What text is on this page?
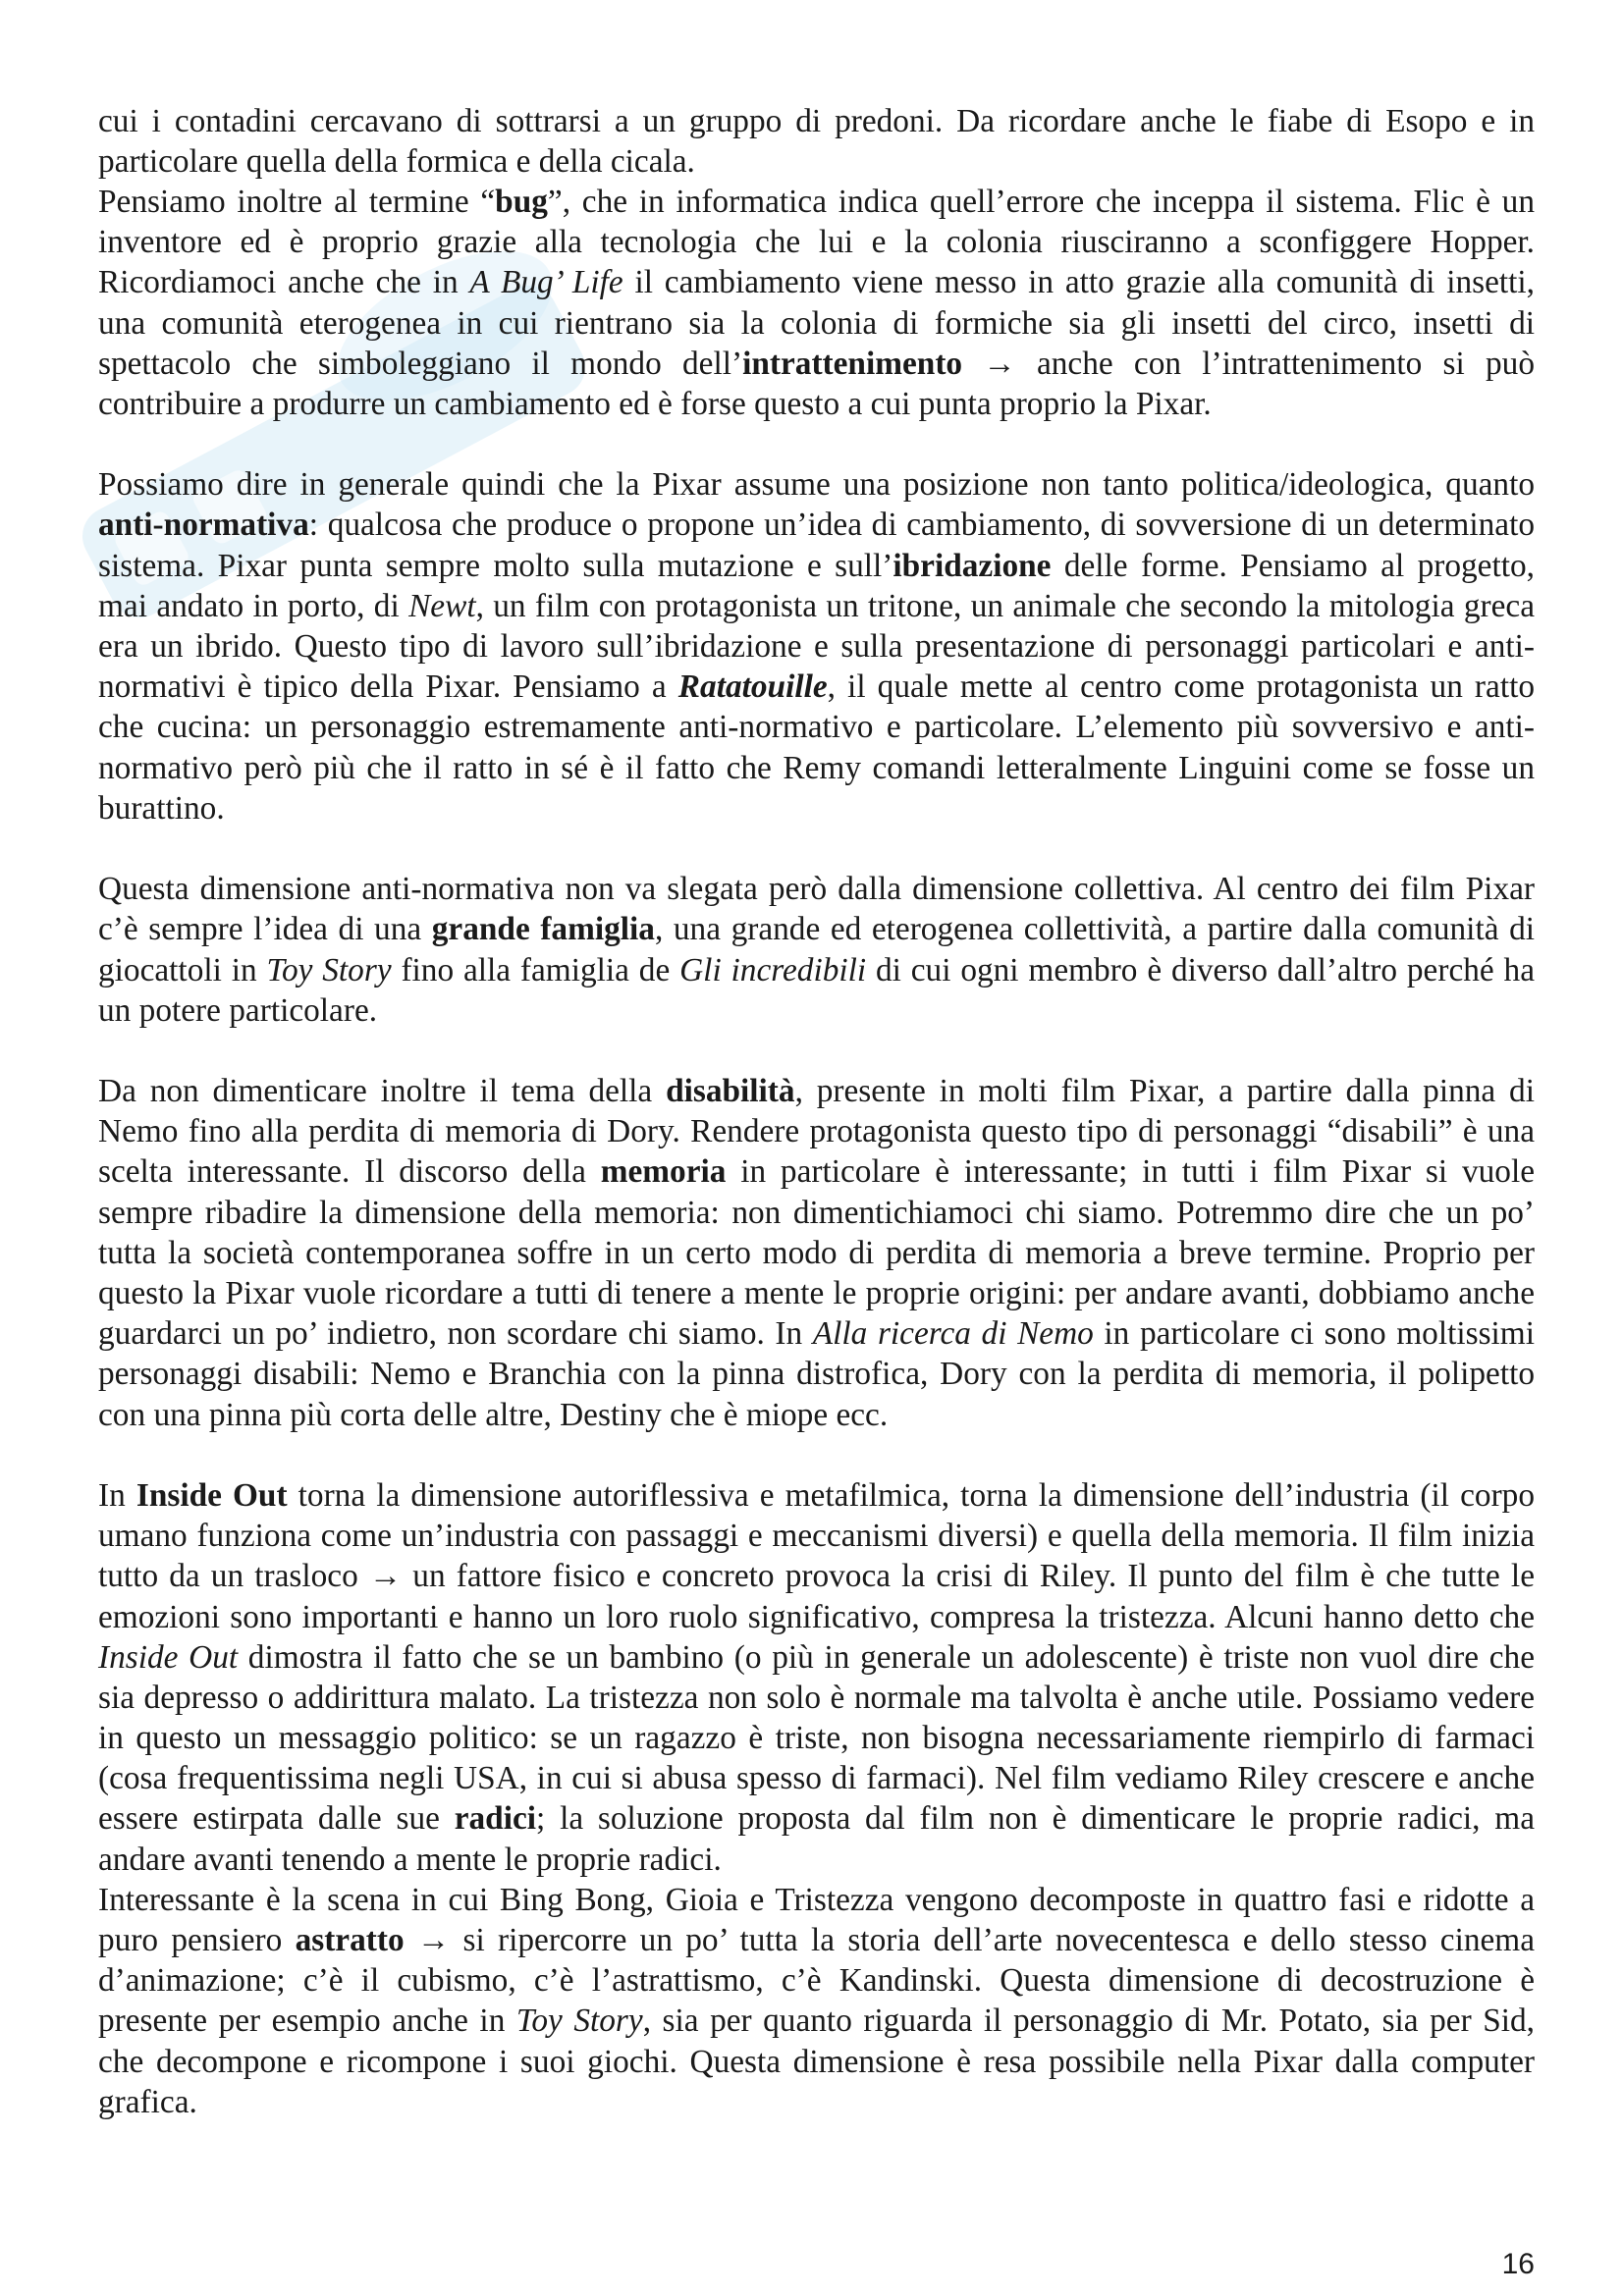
cui i contadini cercavano di sottrarsi a un gruppo di predoni. Da ricordare anche le fiabe di Esopo e in
particolare quella della formica e della cicala.
Pensiamo inoltre al termine “bug”, che in informatica indica quell’errore che inceppa il sistema. Flic è un
inventore ed è proprio grazie alla tecnologia che lui e la colonia riusciranno a sconfiggere Hopper.
Ricordiamoci anche che in A Bug’ Life il cambiamento viene messo in atto grazie alla comunità di insetti,
una comunità eterogenea in cui rientrano sia la colonia di formiche sia gli insetti del circo, insetti di
spettacolo che simboleggiano il mondo dell’intrattenimento → anche con l’intrattenimento si può
contribuire a produrre un cambiamento ed è forse questo a cui punta proprio la Pixar.
Possiamo dire in generale quindi che la Pixar assume una posizione non tanto politica/ideologica, quanto
anti-normativa: qualcosa che produce o propone un’idea di cambiamento, di sovversione di un determinato
sistema. Pixar punta sempre molto sulla mutazione e sull’ibridazione delle forme. Pensiamo al progetto,
mai andato in porto, di Newt, un film con protagonista un tritone, un animale che secondo la mitologia greca
era un ibrido. Questo tipo di lavoro sull’ibridazione e sulla presentazione di personaggi particolari e anti-
normativi è tipico della Pixar. Pensiamo a Ratatouille, il quale mette al centro come protagonista un ratto
che cucina: un personaggio estremamente anti-normativo e particolare. L’elemento più sovversivo e anti-
normativo però più che il ratto in sé è il fatto che Remy comandi letteralmente Linguini come se fosse un
burattino.
Questa dimensione anti-normativa non va slegata però dalla dimensione collettiva. Al centro dei film Pixar
c’è sempre l’idea di una grande famiglia, una grande ed eterogenea collettività, a partire dalla comunità di
giocattoli in Toy Story fino alla famiglia de Gli incredibili di cui ogni membro è diverso dall’altro perché ha
un potere particolare.
Da non dimenticare inoltre il tema della disabilità, presente in molti film Pixar, a partire dalla pinna di
Nemo fino alla perdita di memoria di Dory. Rendere protagonista questo tipo di personaggi “disabili” è una
scelta interessante. Il discorso della memoria in particolare è interessante; in tutti i film Pixar si vuole
sempre ribadire la dimensione della memoria: non dimentichiamoci chi siamo. Potremmo dire che un po’
tutta la società contemporanea soffre in un certo modo di perdita di memoria a breve termine. Proprio per
questo la Pixar vuole ricordare a tutti di tenere a mente le proprie origini: per andare avanti, dobbiamo anche
guardarci un po’ indietro, non scordare chi siamo. In Alla ricerca di Nemo in particolare ci sono moltissimi
personaggi disabili: Nemo e Branchia con la pinna distrofica, Dory con la perdita di memoria, il polipetto
con una pinna più corta delle altre, Destiny che è miope ecc.
In Inside Out torna la dimensione autoriflessiva e metafilmica, torna la dimensione dell’industria (il corpo
umano funziona come un’industria con passaggi e meccanismi diversi) e quella della memoria. Il film inizia
tutto da un trasloco → un fattore fisico e concreto provoca la crisi di Riley. Il punto del film è che tutte le
emozioni sono importanti e hanno un loro ruolo significativo, compresa la tristezza. Alcuni hanno detto che
Inside Out dimostra il fatto che se un bambino (o più in generale un adolescente) è triste non vuol dire che
sia depresso o addirittura malato. La tristezza non solo è normale ma talvolta è anche utile. Possiamo vedere
in questo un messaggio politico: se un ragazzo è triste, non bisogna necessariamente riempirlo di farmaci
(cosa frequentissima negli USA, in cui si abusa spesso di farmaci). Nel film vediamo Riley crescere e anche
essere estirpata dalle sue radici; la soluzione proposta dal film non è dimenticare le proprie radici, ma
andare avanti tenendo a mente le proprie radici.
Interessante è la scena in cui Bing Bong, Gioia e Tristezza vengono decomposte in quattro fasi e ridotte a
puro pensiero astratto → si ripercorre un po’ tutta la storia dell’arte novecentesca e dello stesso cinema
d’animazione; c’è il cubismo, c’è l’astrattismo, c’è Kandinski. Questa dimensione di decostruzione è
presente per esempio anche in Toy Story, sia per quanto riguarda il personaggio di Mr. Potato, sia per Sid,
che decompone e ricompone i suoi giochi. Questa dimensione è resa possibile nella Pixar dalla computer
grafica.
16
